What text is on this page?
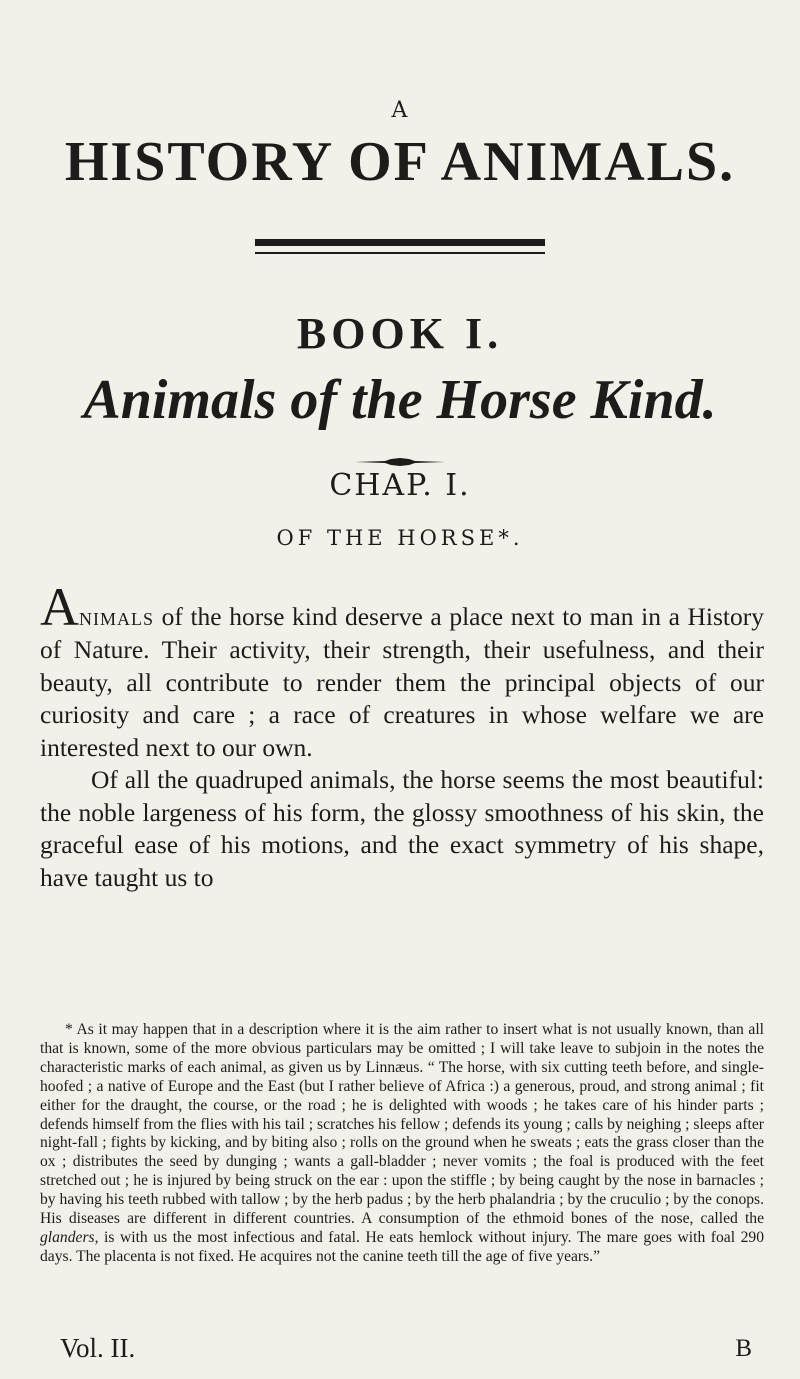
A
HISTORY OF ANIMALS.
BOOK I.
Animals of the Horse Kind.
CHAP. I.
OF THE HORSE*.

Animals of the horse kind deserve a place next to man in a History of Nature. Their activity, their strength, their usefulness, and their beauty, all contribute to render them the principal objects of our curiosity and care ; a race of creatures in whose welfare we are interested next to our own.

Of all the quadruped animals, the horse seems the most beautiful: the noble largeness of his form, the glossy smoothness of his skin, the graceful ease of his motions, and the exact symmetry of his shape, have taught us to

* As it may happen that in a description where it is the aim rather to insert what is not usually known, than all that is known, some of the more obvious particulars may be omitted ; I will take leave to subjoin in the notes the characteristic marks of each animal, as given us by Linnæus. “ The horse, with six cutting teeth before, and single-hoofed ; a native of Europe and the East (but I rather believe of Africa :) a generous, proud, and strong animal ; fit either for the draught, the course, or the road ; he is delighted with woods ; he takes care of his hinder parts ; defends himself from the flies with his tail ; scratches his fellow ; defends its young ; calls by neighing ; sleeps after night-fall ; fights by kicking, and by biting also ; rolls on the ground when he sweats ; eats the grass closer than the ox ; distributes the seed by dunging ; wants a gall-bladder ; never vomits ; the foal is produced with the feet stretched out ; he is injured by being struck on the ear : upon the stiffle ; by being caught by the nose in barnacles ; by having his teeth rubbed with tallow ; by the herb padus ; by the herb phalandria ; by the cruculio ; by the conops. His diseases are different in different countries. A consumption of the ethmoid bones of the nose, called the glanders, is with us the most infectious and fatal. He eats hemlock without injury. The mare goes with foal 290 days. The placenta is not fixed. He acquires not the canine teeth till the age of five years.”
Vol. II.	B
